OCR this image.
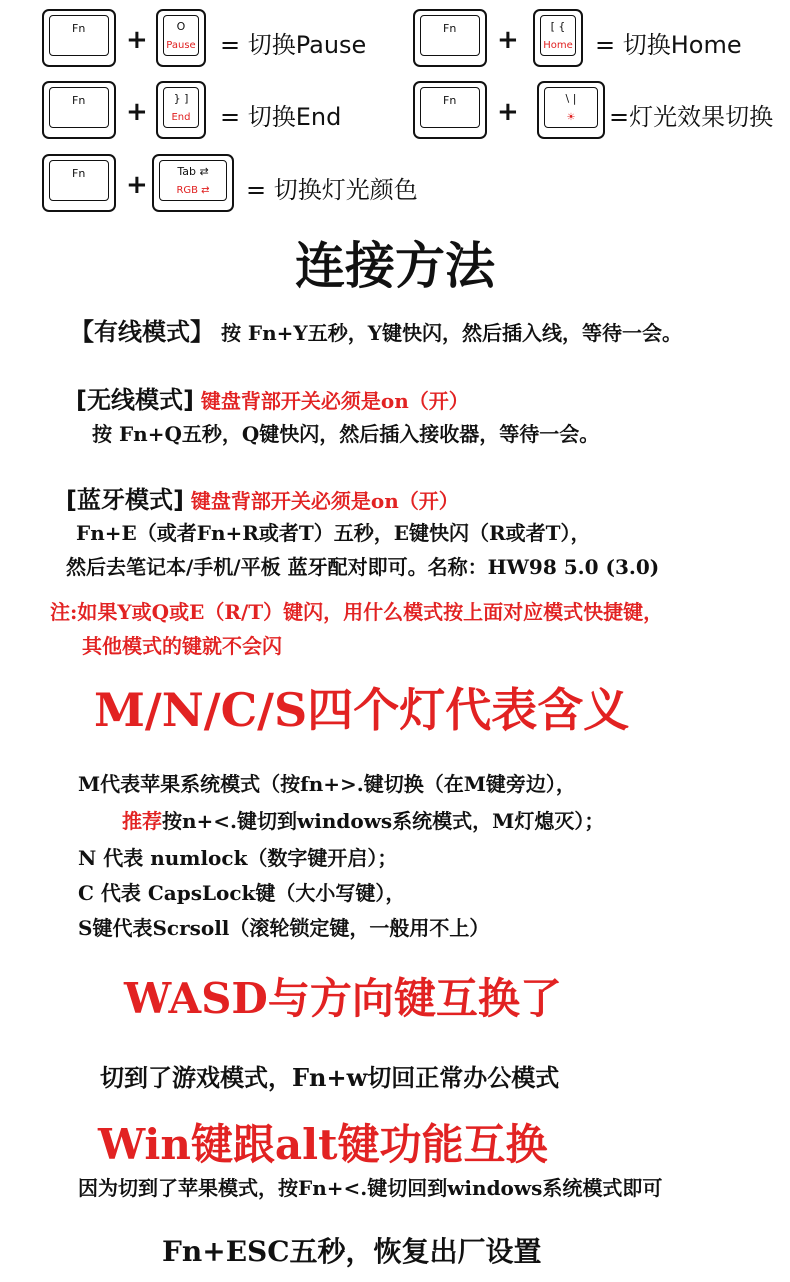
Fn +	O
Pause	= 切换Pause
Fn +	[ {
Home = 切换Home
Fn +	} ]
End	= 切换End
Fn +	\ |
☀	=灯光效果切换
Fn +	Tab ⇄
RGB ⇄	= 切换灯光颜色
连接方法
【有线模式】 按 Fn+Y五秒，Y键快闪，然后插入线，等待一会。
[无线模式] 键盘背部开关必须是on（开）
按 Fn+Q五秒，Q键快闪，然后插入接收器，等待一会。
[蓝牙模式] 键盘背部开关必须是on（开）
Fn+E（或者Fn+R或者T）五秒，E键快闪（R或者T），
然后去笔记本/手机/平板 蓝牙配对即可。名称：HW98 5.0 (3.0)
注:如果Y或Q或E（R/T）键闪，用什么模式按上面对应模式快捷键，
其他模式的键就不会闪
M/N/C/S四个灯代表含义
M代表苹果系统模式（按fn+>.键切换（在M键旁边），
推荐按n+<.键切到windows系统模式，M灯熄灭）；
N 代表 numlock（数字键开启）；
C 代表 CapsLock键（大小写键），
S键代表Scrsoll（滚轮锁定键，一般用不上）
WASD与方向键互换了
切到了游戏模式，Fn+w切回正常办公模式
Win键跟alt键功能互换
因为切到了苹果模式，按Fn+<.键切回到windows系统模式即可
Fn+ESC五秒，恢复出厂设置
